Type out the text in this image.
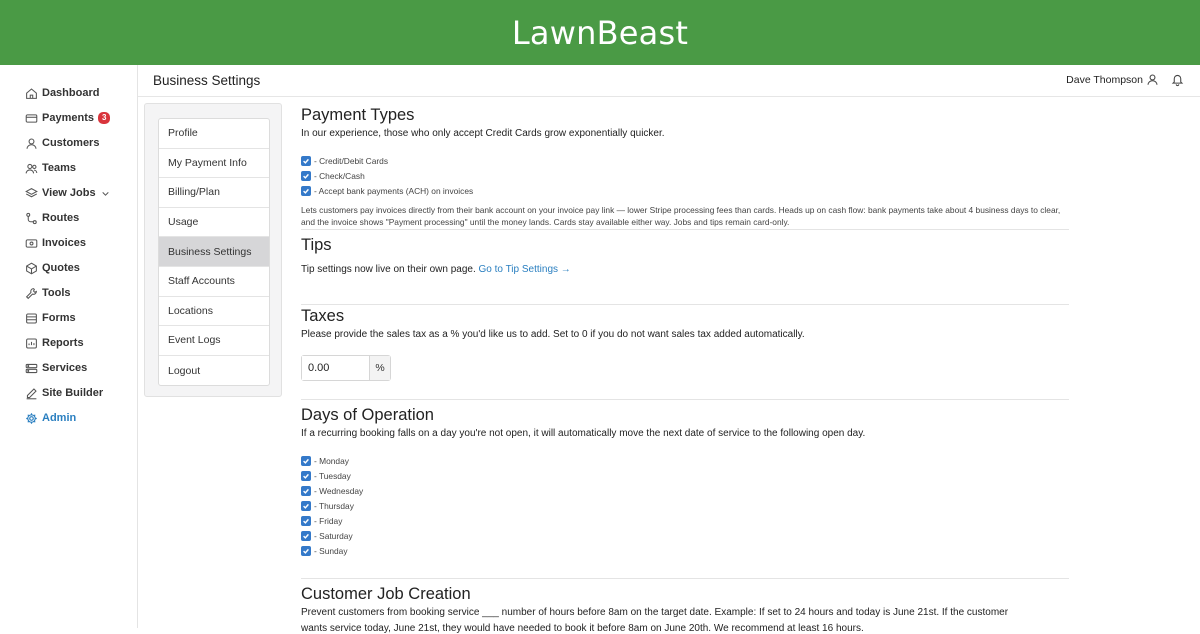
LawnBeast
Dashboard
Payments	3
Customers
Teams
View Jobs
Routes
Invoices
Quotes
Tools
Forms
Reports
Services
Site Builder
Admin
Business Settings	Dave Thompson
Profile
My Payment Info
Billing/Plan
Usage
Business Settings
Staff Accounts
Locations
Event Logs
Logout
Payment Types
In our experience, those who only accept Credit Cards grow exponentially quicker.
- Credit/Debit Cards
- Check/Cash
- Accept bank payments (ACH) on invoices
Lets customers pay invoices directly from their bank account on your invoice pay link — lower Stripe processing fees than cards. Heads up on cash flow: bank payments take about 4 business days to clear, and the invoice shows "Payment processing" until the money lands. Cards stay available either way. Jobs and tips remain card-only.
Tips
Tip settings now live on their own page. Go to Tip Settings →
Taxes
Please provide the sales tax as a % you'd like us to add. Set to 0 if you do not want sales tax added automatically.
0.00
%
Days of Operation
If a recurring booking falls on a day you're not open, it will automatically move the next date of service to the following open day.
- Monday
- Tuesday
- Wednesday
- Thursday
- Friday
- Saturday
- Sunday
Customer Job Creation
Prevent customers from booking service ___ number of hours before 8am on the target date. Example: If set to 24 hours and today is June 21st. If the customer
wants service today, June 21st, they would have needed to book it before 8am on June 20th. We recommend at least 16 hours.
